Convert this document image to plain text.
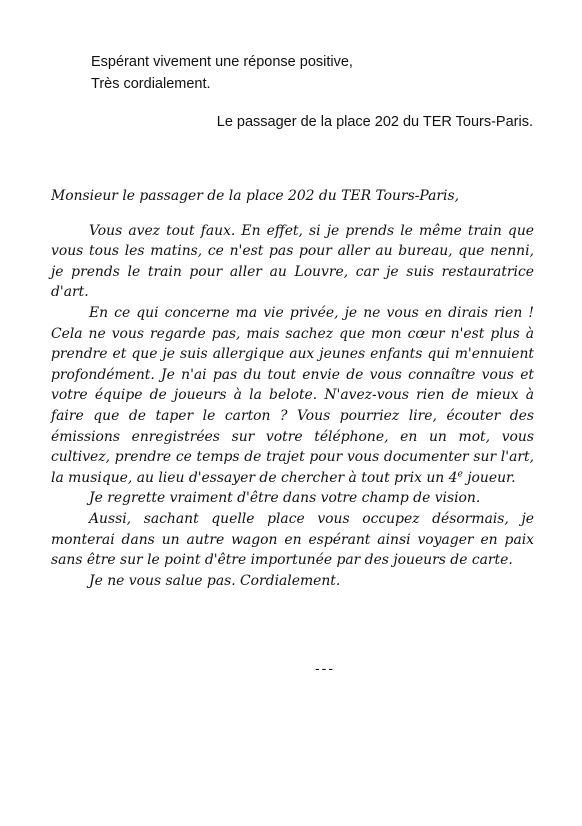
Espérant vivement une réponse positive,

Très cordialement.

Le passager de la place 202 du TER Tours-Paris.

Monsieur le passager de la place 202 du TER Tours-Paris,

Vous avez tout faux. En effet, si je prends le même train que vous tous les matins, ce n'est pas pour aller au bureau, que nenni, je prends le train pour aller au Louvre, car je suis restauratrice d'art.

En ce qui concerne ma vie privée, je ne vous en dirais rien ! Cela ne vous regarde pas, mais sachez que mon cœur n'est plus à prendre et que je suis allergique aux jeunes enfants qui m'ennuient profondément. Je n'ai pas du tout envie de vous connaître vous et votre équipe de joueurs à la belote. N'avez-vous rien de mieux à faire que de taper le carton ? Vous pourriez lire, écouter des émissions enregistrées sur votre téléphone, en un mot, vous cultivez, prendre ce temps de trajet pour vous documenter sur l'art, la musique, au lieu d'essayer de chercher à tout prix un 4e joueur.

Je regrette vraiment d'être dans votre champ de vision.

Aussi, sachant quelle place vous occupez désormais, je monterai dans un autre wagon en espérant ainsi voyager en paix sans être sur le point d'être importunée par des joueurs de carte.

Je ne vous salue pas. Cordialement.

---
